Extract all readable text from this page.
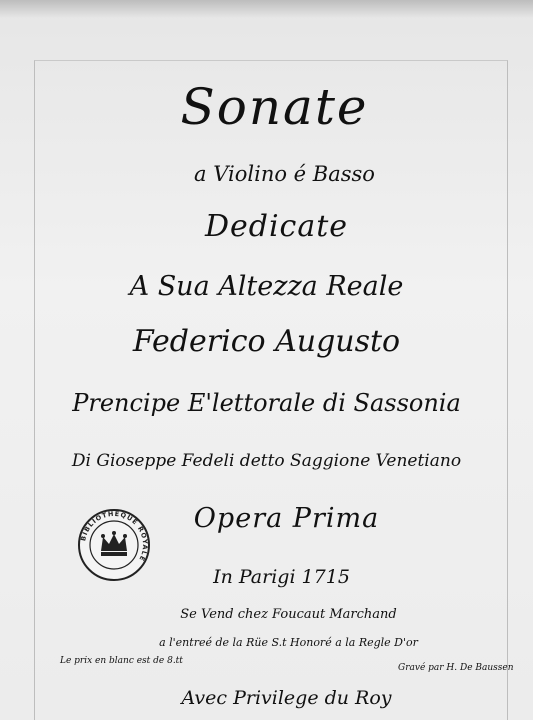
Sonate
a Violino é Basso
Dedicate
A Sua Altezza Reale
Federico Augusto
Prencipe E'lettorale di Sassonia
Di Gioseppe Fedeli detto Saggione Venetiano
Opera Prima
In Parigi 1715
Se Vend chez Foucaut Marchand
a l'entreé de la Rüe S.t Honoré a la Regle D'or
Le prix en blanc est de 8.tt
Gravé par H. De Baussen
Avec Privilege du Roy
BIBLIOTHÈQUE ROYALE
